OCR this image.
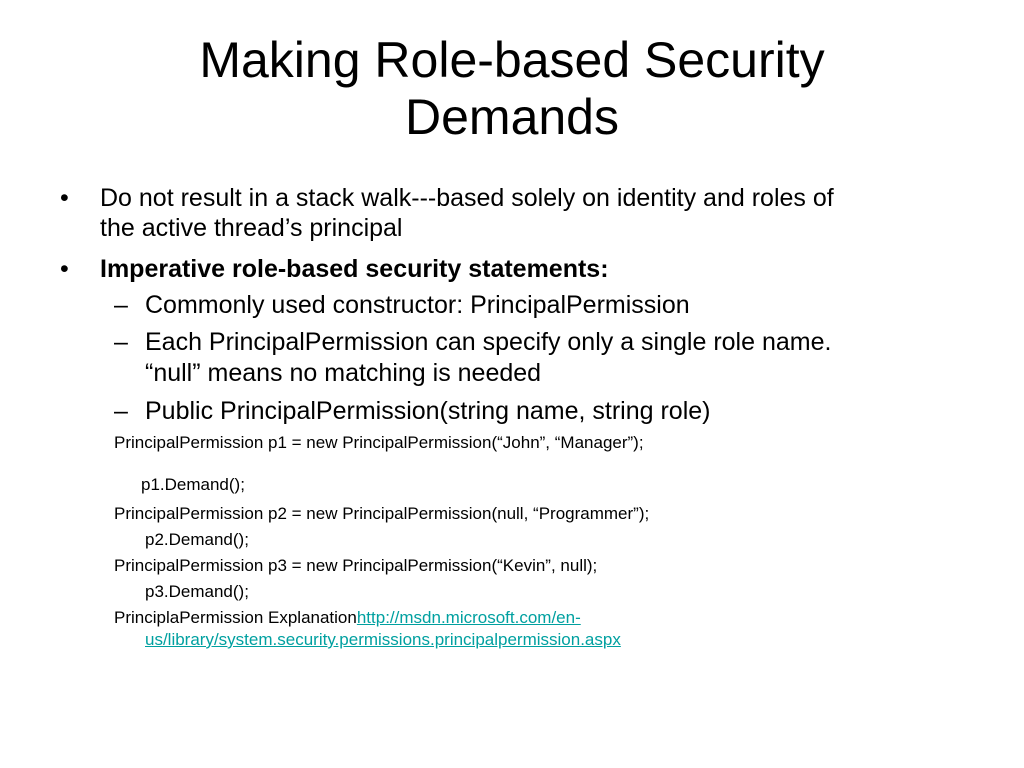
Making Role-based Security
Demands
• Do not result in a stack walk---based solely on identity and roles of
the active thread’s principal
• Imperative role-based security statements:
– Commonly used constructor: PrincipalPermission
– Each PrincipalPermission can specify only a single role name.
“null” means no matching is needed
– Public PrincipalPermission(string name, string role)
PrincipalPermission p1 = new PrincipalPermission(“John”, “Manager”);
p1.Demand();
PrincipalPermission p2 = new PrincipalPermission(null, “Programmer”);
p2.Demand();
PrincipalPermission p3 = new PrincipalPermission(“Kevin”, null);
p3.Demand();
PrinciplaPermission Explanationhttp://msdn.microsoft.com/en-
us/library/system.security.permissions.principalpermission.aspx
